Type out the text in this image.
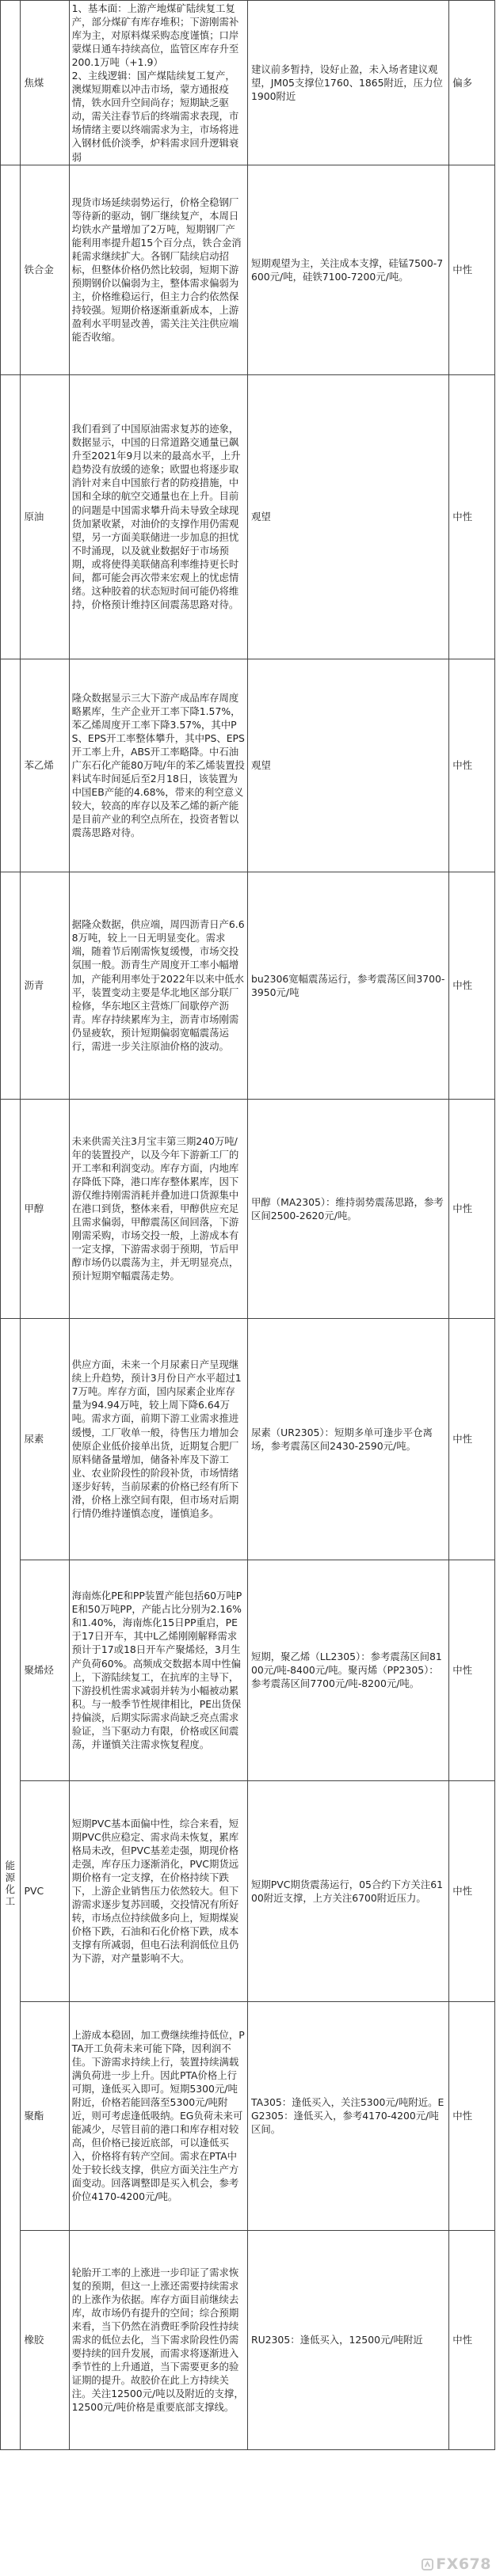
	焦煤	1、基本面：上游产地煤矿陆续复工复产，部分煤矿有库存堆积；下游刚需补库为主，对原料煤采购态度谨慎；口岸蒙煤日通车持续高位，监管区库存升至200.1万吨（+1.9）
2、主线逻辑：国产煤陆续复工复产，澳煤短期难以冲击市场，蒙方通报疫情，铁水回升空间尚存；短期缺乏驱动，需关注春节后的终端需求表现，市场情绪主要以终端需求为主，市场将进入钢材低价淡季，炉料需求回升逻辑衰弱	建议前多暂持，设好止盈，未入场者建议观望，JM05支撑位1760、1865附近，压力位1900附近	偏多
	铁合金	现货市场延续弱势运行，价格全稳钢厂等待新的驱动，钢厂继续复产，本周日均铁水产量增加了2万吨，短期钢厂产能利用率提升超15个百分点，铁合金消耗需求继续扩大。各钢厂陆续启动招标，但整体价格仍然比较弱，短期下游预期钢价以偏弱为主，整体需求偏弱为主，价格维稳运行，但主力合约依然保持较强。短期价格逐渐重新成本，上游盈利水平明显改善，需关注关注供应端能否收缩。	短期观望为主，关注成本支撑，硅锰7500-7600元/吨，硅铁7100-7200元/吨。	中性
	原油	我们看到了中国原油需求复苏的迹象，数据显示，中国的日常道路交通量已飙升至2021年9月以来的最高水平，上升趋势没有放缓的迹象；欧盟也将逐步取消针对来自中国旅行者的防疫措施，中国和全球的航空交通量也在上升。目前的问题是中国需求攀升尚未导致全球现货加紧收紧，对油价的支撑作用仍需观望，另一方面美联储进一步加息的担忧不时涌现，以及就业数据好于市场预期，或将使得美联储高利率维持更长时间，都可能会再次带来宏观上的忧虑情绪。这种胶着的状态短时间可能仍将维持，价格预计维持区间震荡思路对待。	观望	中性
	苯乙烯	隆众数据显示三大下游产成品库存周度略累库，生产企业开工率下降1.57%，苯乙烯周度开工率下降3.57%，其中PS、EPS开工率整体攀升，其中PS、EPS开工率上升，ABS开工率略降。中石油广东石化产能80万吨/年的苯乙烯装置投料试车时间延后至2月18日，该装置为中国EB产能的4.68%，带来的利空意义较大，较高的库存以及苯乙烯的新产能是目前产业的利空点所在，投资者暂以震荡思路对待。	观望	中性
	沥青	据隆众数据，供应端，周四沥青日产6.68万吨，较上一日无明显变化。需求端，随着节后刚需恢复缓慢，市场交投氛围一般。沥青生产周度开工率小幅增加，产能利用率处于2022年以来中低水平，装置变动主要是华北地区部分联厂检修，华东地区主营炼厂间歇停产沥青。库存持续累库为主，沥青市场刚需仍显疲软，预计短期偏弱宽幅震荡运行，需进一步关注原油价格的波动。	bu2306宽幅震荡运行，参考震荡区间3700-3950元/吨	中性
	甲醇	未来供需关注3月宝丰第三期240万吨/年的装置投产，以及今年下游新工厂的开工率和利润变动。库存方面，内地库存降低下降，港口库存整体累库，因下游仅维持刚需消耗并叠加进口货源集中在港口到货，整体来看，甲醇供应充足且需求偏弱，甲醇震荡区间回落，下游刚需采购，市场交投一般，上游成本有一定支撑，下游需求弱于预期，节后甲醇市场仍以震荡为主，并无明显亮点，预计短期窄幅震荡走势。	甲醇（MA2305）：维持弱势震荡思路，参考区间2500-2620元/吨。	中性
能源化工	尿素	供应方面，未来一个月尿素日产呈现继续上升趋势，预计3月份日产水平超过17万吨。库存方面，国内尿素企业库存量为94.94万吨，较上周下降6.64万吨。需求方面，前期下游工业需求推进缓慢，工厂收单一般，待售压力增加会使原企业低价接单出货，近期复合肥厂原料储备量增加，储备补库及下游工业、农业阶段性的阶段补货，市场情绪逐步好转，当前尿素的价格已经有所下滑，价格上涨空间有限，但市场对后期行情仍维持谨慎态度，谨慎追多。	尿素（UR2305）：短期多单可逢步平仓离场，参考震荡区间2430-2590元/吨。	中性
	聚烯烃	海南炼化PE和PP装置产能包括60万吨PE和50万吨PP，产能占比分别为2.16%和1.40%，海南炼化15日PP重启，PE于17日开车，其中L乙烯刚刚解释需求预计于17或18日开车产聚烯烃，3月生产负荷60%。高频成交数据本周中性偏上，下游陆续复工，在抗库的主导下，下游投机性需求减弱并转为小幅被动累积。与一般季节性规律相比，PE出货保持偏淡，后期实际需求尚缺乏亮点需求验证，当下驱动力有限，价格或区间震荡，并谨慎关注需求恢复程度。	短期，聚乙烯（LL2305）：参考震荡区间8100元/吨-8400元/吨。聚丙烯（PP2305）：参考震荡区间7700元/吨-8200元/吨。	中性
	PVC	短期PVC基本面偏中性，综合来看，短期PVC供应稳定、需求尚未恢复，累库格局未改，但PVC基差走强，期现价格走强，库存压力逐渐消化，PVC期货远期价格有一定支撑，在价格持续下跌下，上游企业销售压力依然较大。但下游需求逐步复苏回暖，交投情况有所好转，市场点位持续做多向上，短期煤炭价格下跌，石油和石化价格下跌，成本支撑有所减弱，但电石法利润低位且仍为下游，对产量影响不大。	短期PVC期货震荡运行，05合约下方关注6100附近支撑，上方关注6700附近压力。	中性
	聚酯	上游成本稳固，加工费继续维持低位，PTA开工负荷未来可能下降，因利润不佳。下游需求持续上行，装置持续满载满负荷进一步上升。因此PTA价格上行可期，逢低买入即可。短期5300元/吨附近，价格若能回落至5300元/吨附近，则可考虑逢低吸纳。EG负荷未来可能减少，尽管目前的港口和库存相对较高，但价格已接近底部，可以逢低买入，价格将有转产空间。需求在PTA中处于较长线支撑，供应方面关注生产方面变动。回落调整即是买入机会，参考价位4170-4200元/吨。	TA305：逢低买入，关注5300元/吨附近。EG2305：逢低买入，参考4170-4200元/吨区间。	中性
	橡胶	轮胎开工率的上涨进一步印证了需求恢复的预期，但这一上涨还需要持续需求的上涨作为依据。库存方面目前继续去库，故市场仍有提升的空间；综合预期来看，当下仍然在消费旺季阶段性持续需求的低位去化，当下需求阶段性仍需要持续的回升发展，而需求将逐渐进入季节性的上升通道，当下需要更多的验证期的提升。故胶价在此上方持续关注。关注12500元/吨以及附近的支撑，12500元/吨价格是重要底部支撑线。	RU2305：逢低买入，12500元/吨附近	中性
FX678
